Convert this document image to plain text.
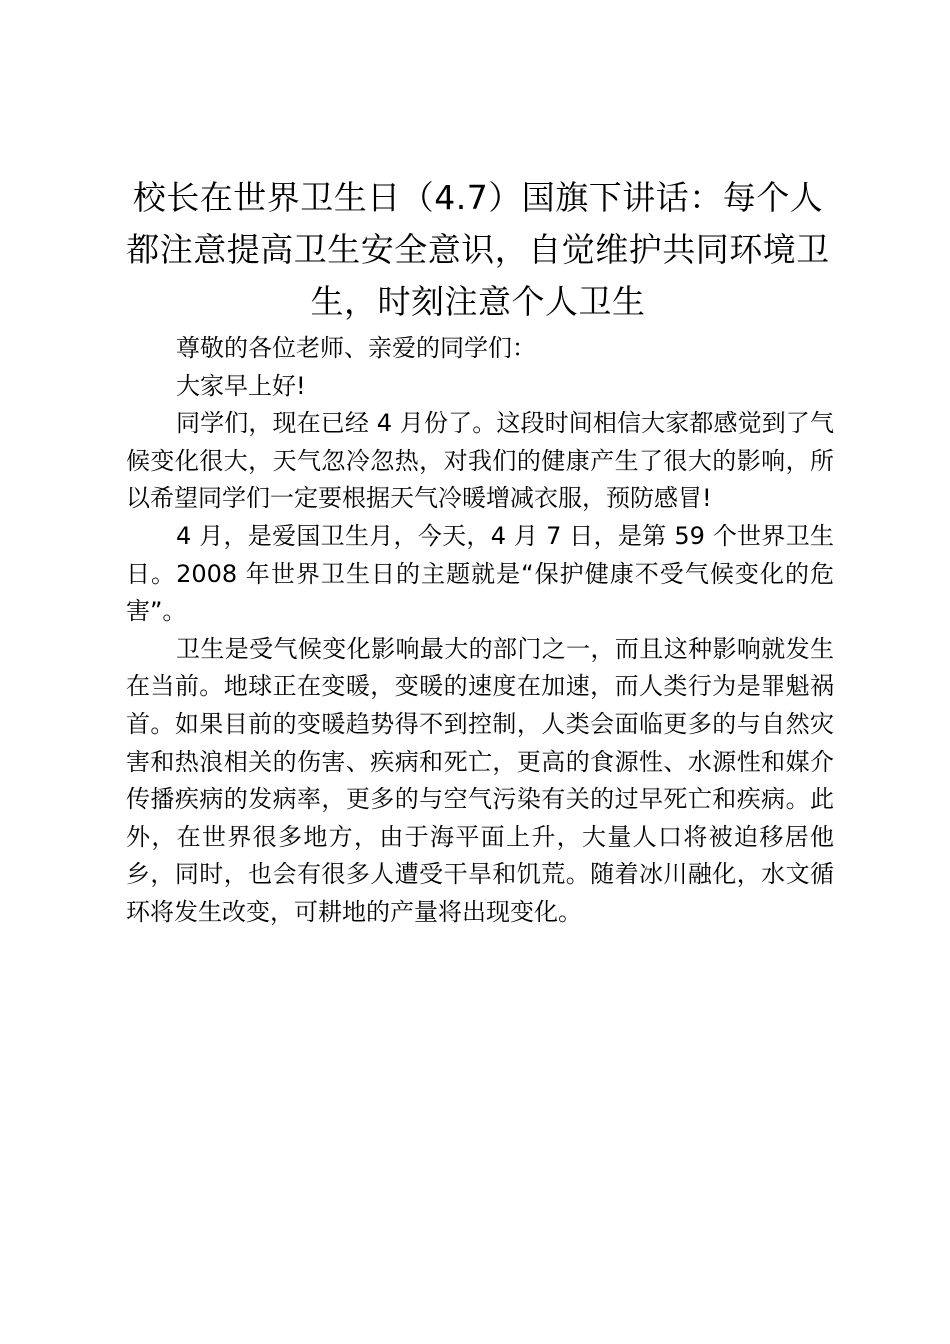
校长在世界卫生日（4.7）国旗下讲话：每个人都注意提高卫生安全意识，自觉维护共同环境卫生，时刻注意个人卫生

尊敬的各位老师、亲爱的同学们：

大家早上好!

同学们，现在已经 4 月份了。这段时间相信大家都感觉到了气候变化很大，天气忽冷忽热，对我们的健康产生了很大的影响，所以希望同学们一定要根据天气冷暖增减衣服，预防感冒!

4 月，是爱国卫生月，今天，4 月 7 日，是第 59 个世界卫生日。2008 年世界卫生日的主题就是“保护健康不受气候变化的危害”。

卫生是受气候变化影响最大的部门之一，而且这种影响就发生在当前。地球正在变暖，变暖的速度在加速，而人类行为是罪魁祸首。如果目前的变暖趋势得不到控制，人类会面临更多的与自然灾害和热浪相关的伤害、疾病和死亡，更高的食源性、水源性和媒介传播疾病的发病率，更多的与空气污染有关的过早死亡和疾病。此外，在世界很多地方，由于海平面上升，大量人口将被迫移居他乡，同时，也会有很多人遭受干旱和饥荒。随着冰川融化，水文循环将发生改变，可耕地的产量将出现变化。
